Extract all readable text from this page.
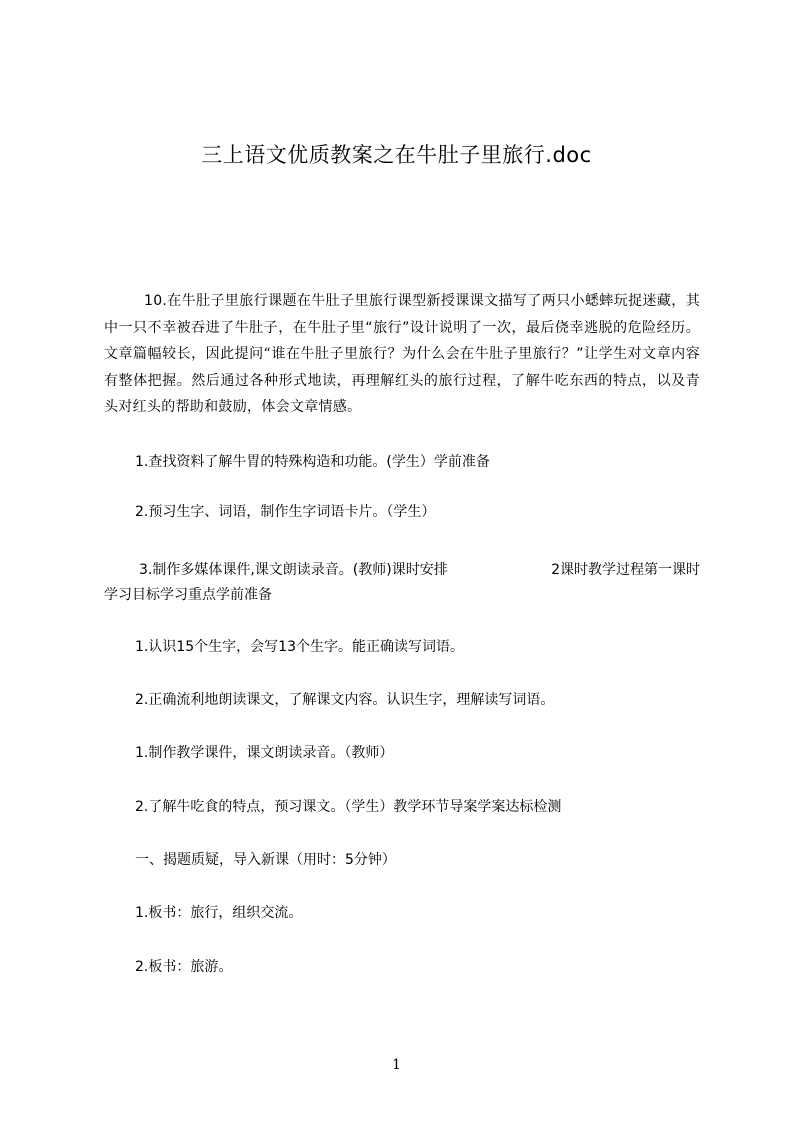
三上语文优质教案之在牛肚子里旅行.doc
10.在牛肚子里旅行课题在牛肚子里旅行课型新授课课文描写了两只小蟋蟀玩捉迷藏，其中一只不幸被吞进了牛肚子，在牛肚子里“旅行”设计说明了一次，最后侥幸逃脱的危险经历。文章篇幅较长，因此提问“谁在牛肚子里旅行？为什么会在牛肚子里旅行？”让学生对文章内容有整体把握。然后通过各种形式地读，再理解红头的旅行过程，了解牛吃东西的特点，以及青头对红头的帮助和鼓励，体会文章情感。
1.查找资料了解牛胃的特殊构造和功能。(学生）学前准备
2.预习生字、词语，制作生字词语卡片。（学生）
3.制作多媒体课件,课文朗读录音。(教师)课时安排	2课时教学过程第一课时
学习目标学习重点学前准备
1.认识15个生字，会写13个生字。能正确读写词语。
2.正确流利地朗读课文，了解课文内容。认识生字，理解读写词语。
1.制作教学课件，课文朗读录音。（教师）
2.了解牛吃食的特点，预习课文。（学生）教学环节导案学案达标检测
一、揭题质疑，导入新课（用时：5分钟）
1.板书：旅行，组织交流。
2.板书：旅游。
1
